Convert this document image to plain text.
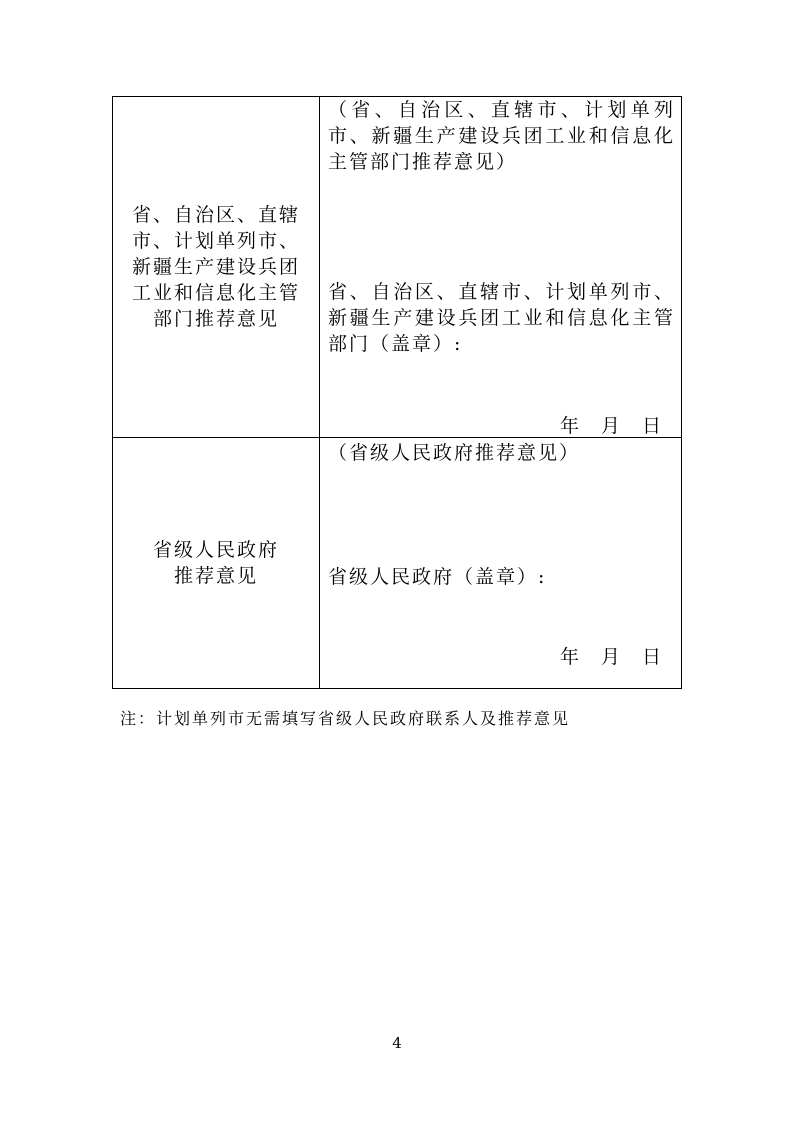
省、自治区、直辖市、计划单列市、新疆生产建设兵团工业和信息化主管部门推荐意见	（省、自治区、直辖市、计划单列市、新疆生产建设兵团工业和信息化主管部门推荐意见）
省、自治区、直辖市、计划单列市、新疆生产建设兵团工业和信息化主管部门（盖章）:
年 月 日

省级人民政府推荐意见	（省级人民政府推荐意见）
省级人民政府（盖章）:
年 月 日
注：计划单列市无需填写省级人民政府联系人及推荐意见
4
